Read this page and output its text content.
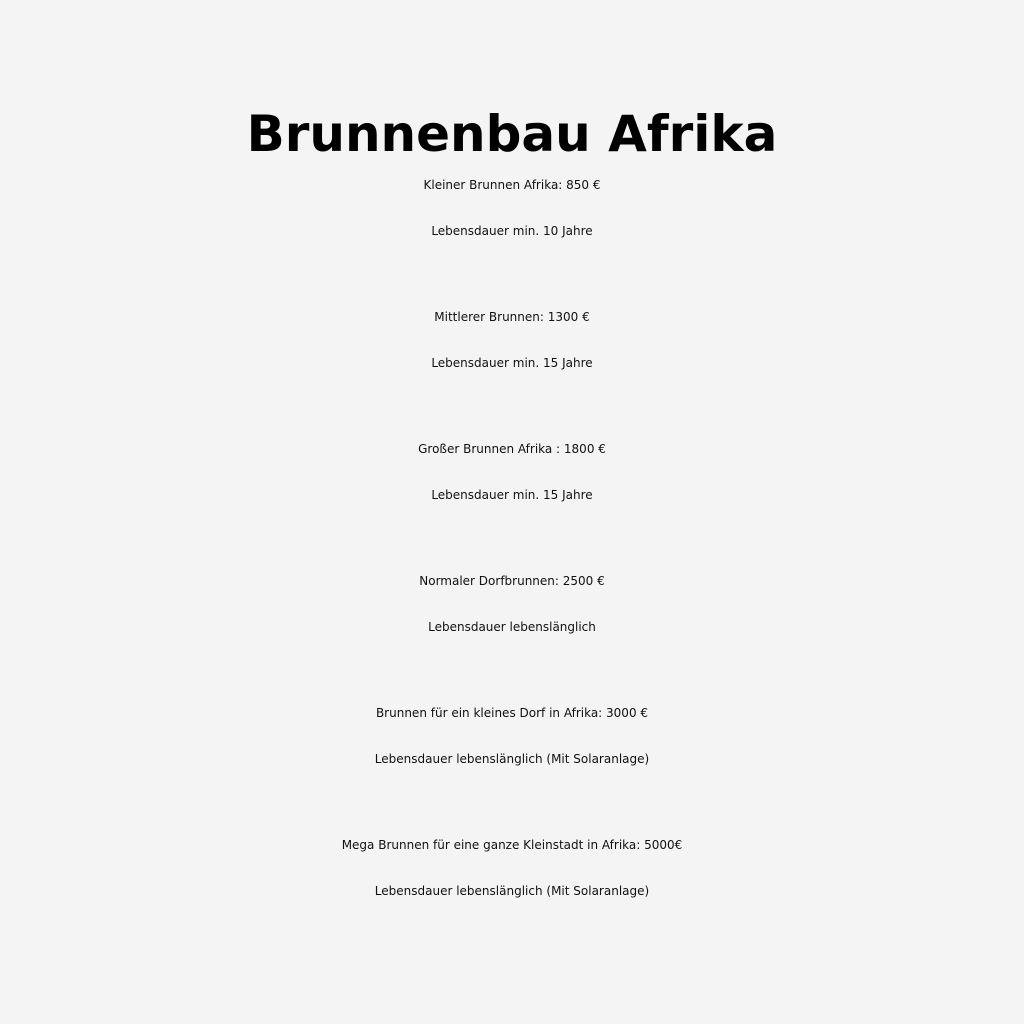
Brunnenbau Afrika
Kleiner Brunnen Afrika: 850 €
Lebensdauer min. 10 Jahre
Mittlerer Brunnen: 1300 €
Lebensdauer min. 15 Jahre
Großer Brunnen Afrika : 1800 €
Lebensdauer min. 15 Jahre
Normaler Dorfbrunnen: 2500 €
Lebensdauer lebenslänglich
Brunnen für ein kleines Dorf in Afrika: 3000 €
Lebensdauer lebenslänglich (Mit Solaranlage)
Mega Brunnen für eine ganze Kleinstadt in Afrika: 5000€
Lebensdauer lebenslänglich (Mit Solaranlage)
